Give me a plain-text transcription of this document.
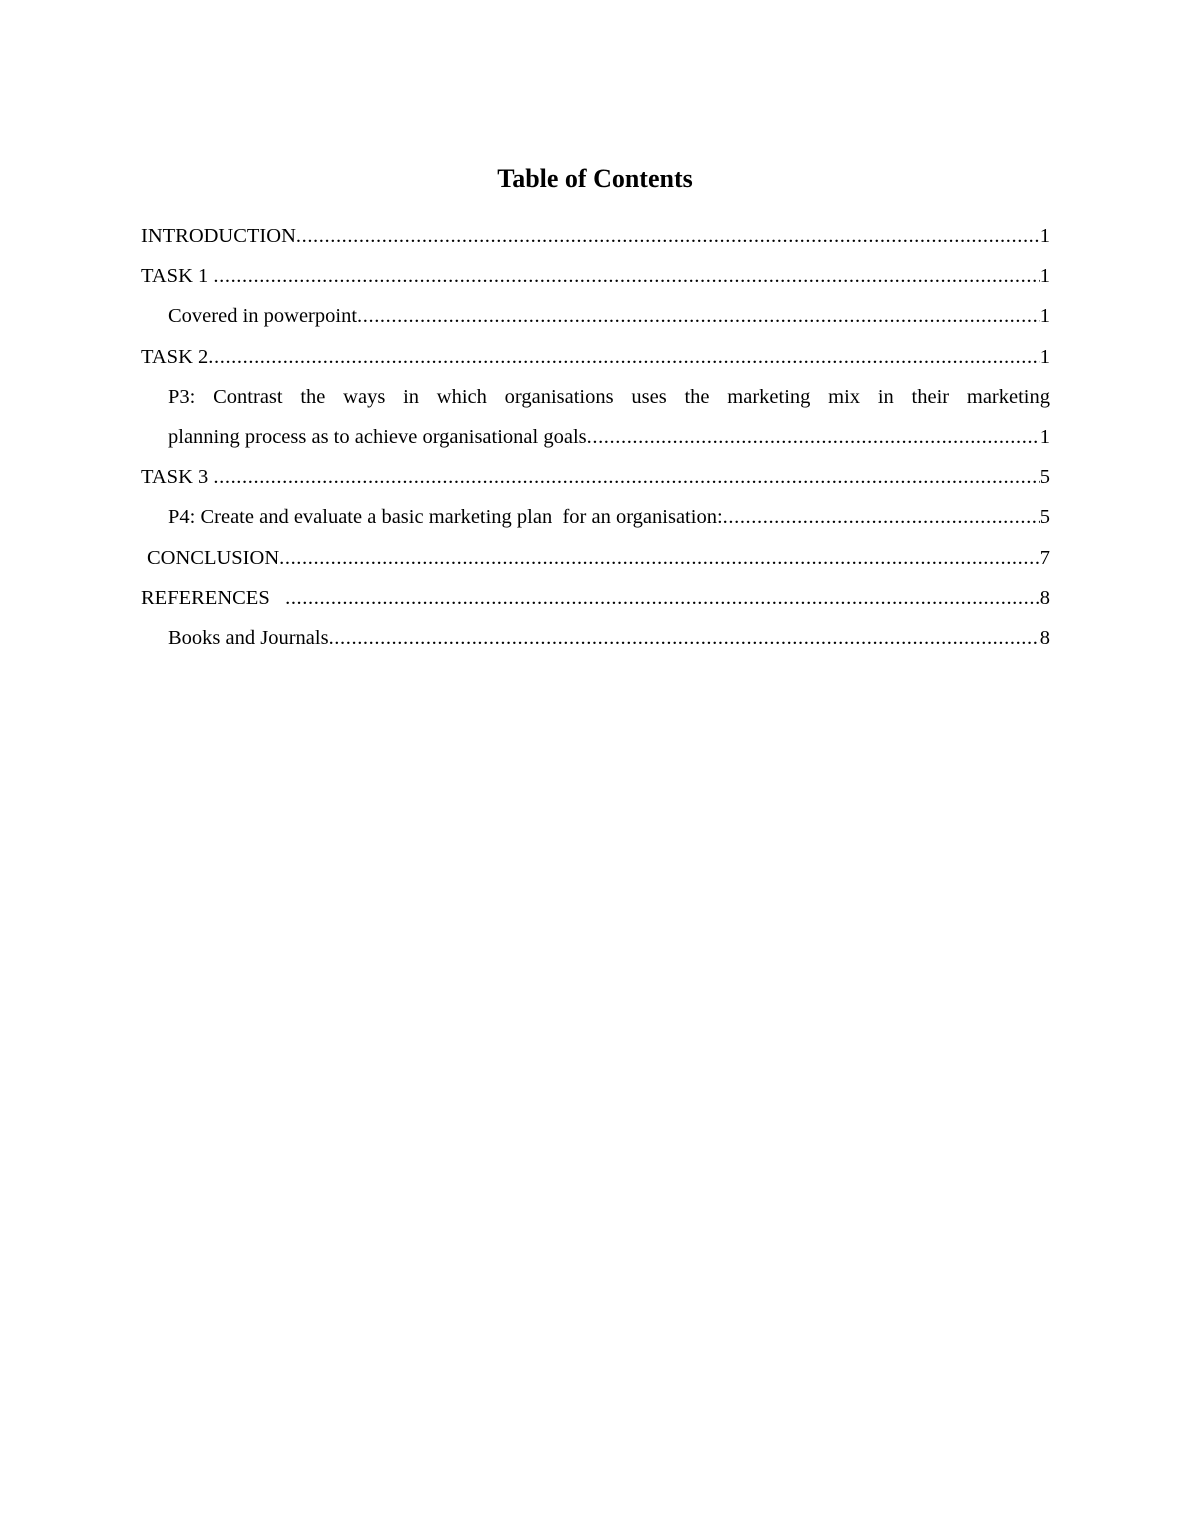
Table of Contents
INTRODUCTION .....	1
TASK 1 .....	1
Covered in powerpoint .....	1
TASK 2 .....	1
P3: Contrast the ways in which organisations uses the marketing mix in their marketing
planning process as to achieve organisational goals .....	1
TASK 3 .....	5
P4: Create and evaluate a basic marketing plan  for an organisation: .....	5
CONCLUSION .....	7
REFERENCES .....	8
Books and Journals .....	8
